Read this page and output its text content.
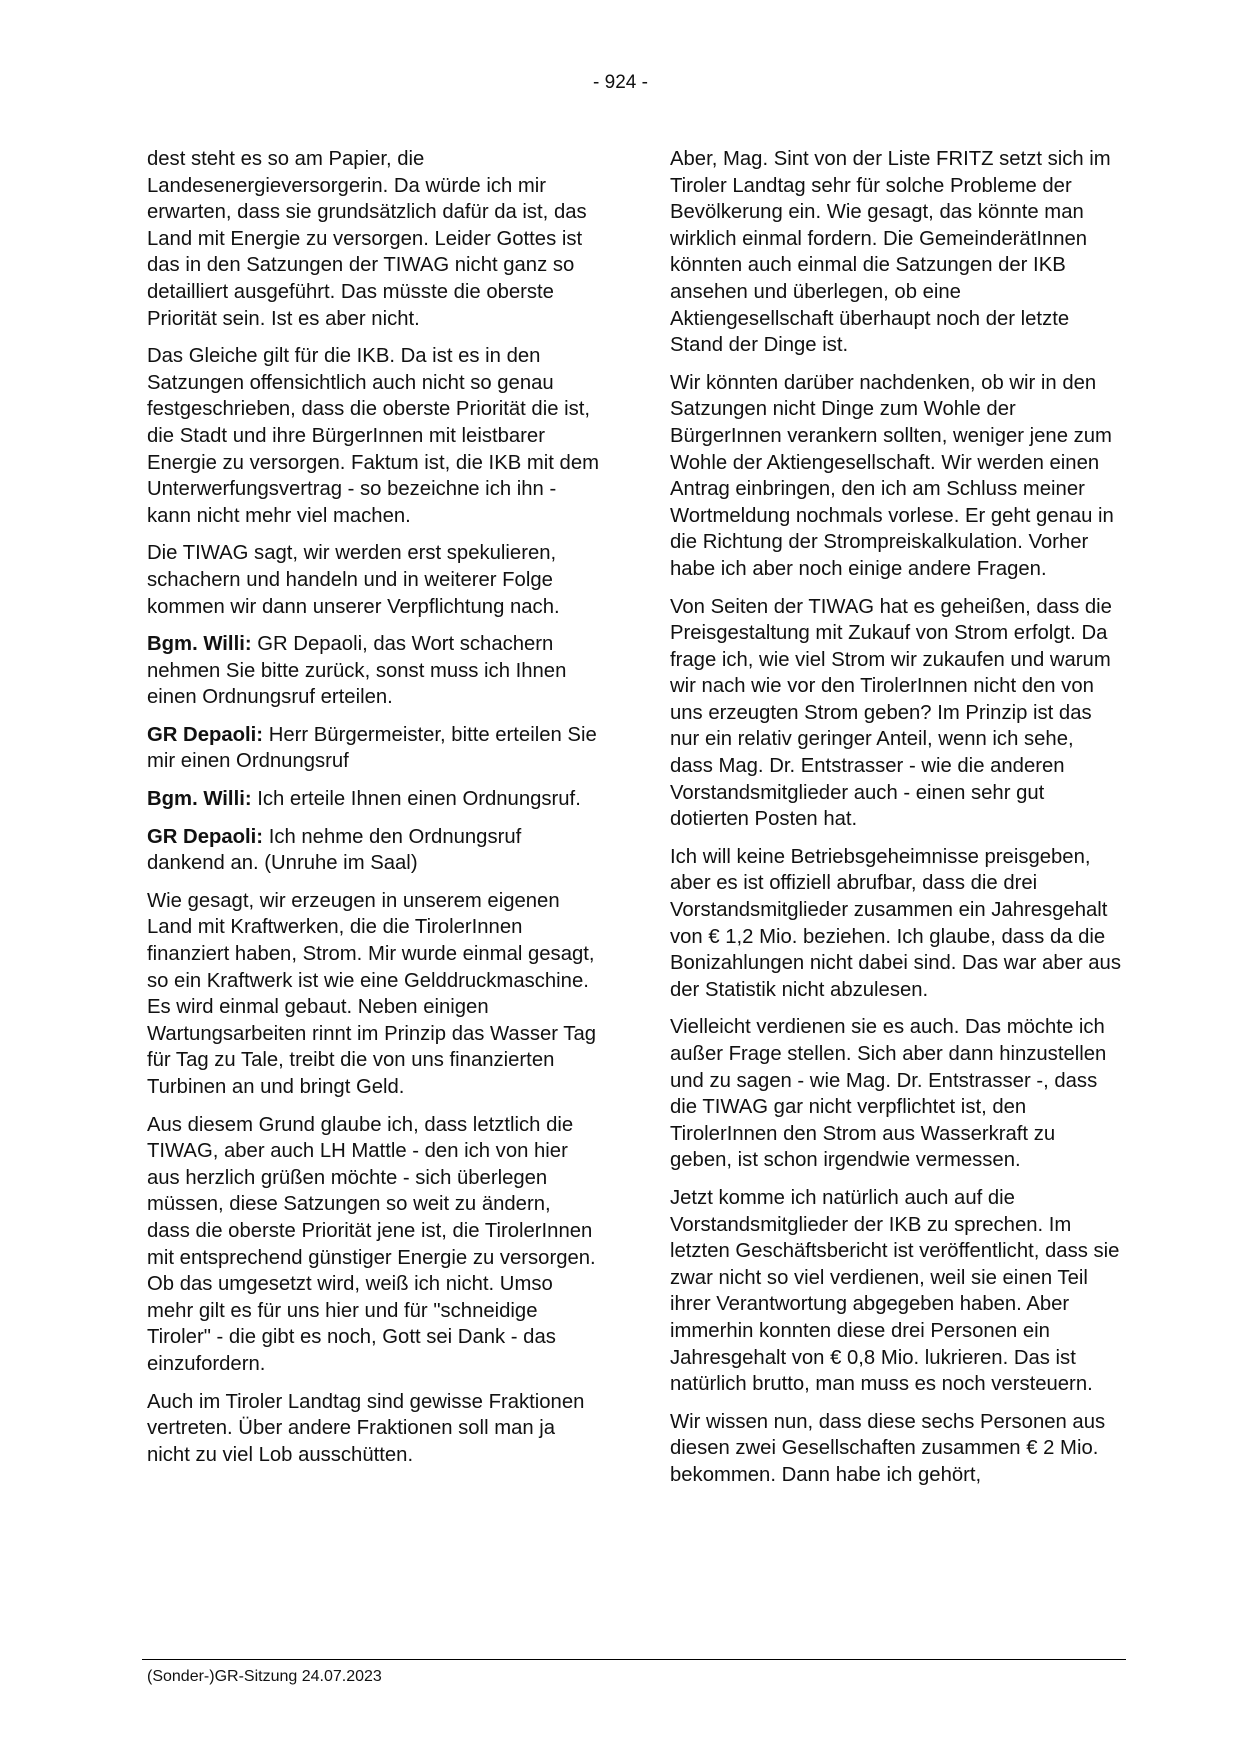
- 924 -

dest steht es so am Papier, die Landesenergieversorgerin. Da würde ich mir erwarten, dass sie grundsätzlich dafür da ist, das Land mit Energie zu versorgen. Leider Gottes ist das in den Satzungen der TIWAG nicht ganz so detailliert ausgeführt. Das müsste die oberste Priorität sein. Ist es aber nicht.

Das Gleiche gilt für die IKB. Da ist es in den Satzungen offensichtlich auch nicht so genau festgeschrieben, dass die oberste Priorität die ist, die Stadt und ihre BürgerInnen mit leistbarer Energie zu versorgen. Faktum ist, die IKB mit dem Unterwerfungsvertrag - so bezeichne ich ihn - kann nicht mehr viel machen.

Die TIWAG sagt, wir werden erst spekulieren, schachern und handeln und in weiterer Folge kommen wir dann unserer Verpflichtung nach.

Bgm. Willi: GR Depaoli, das Wort schachern nehmen Sie bitte zurück, sonst muss ich Ihnen einen Ordnungsruf erteilen.

GR Depaoli: Herr Bürgermeister, bitte erteilen Sie mir einen Ordnungsruf

Bgm. Willi: Ich erteile Ihnen einen Ordnungsruf.

GR Depaoli: Ich nehme den Ordnungsruf dankend an. (Unruhe im Saal)

Wie gesagt, wir erzeugen in unserem eigenen Land mit Kraftwerken, die die TirolerInnen finanziert haben, Strom. Mir wurde einmal gesagt, so ein Kraftwerk ist wie eine Gelddruckmaschine. Es wird einmal gebaut. Neben einigen Wartungsarbeiten rinnt im Prinzip das Wasser Tag für Tag zu Tale, treibt die von uns finanzierten Turbinen an und bringt Geld.

Aus diesem Grund glaube ich, dass letztlich die TIWAG, aber auch LH Mattle - den ich von hier aus herzlich grüßen möchte - sich überlegen müssen, diese Satzungen so weit zu ändern, dass die oberste Priorität jene ist, die TirolerInnen mit entsprechend günstiger Energie zu versorgen. Ob das umgesetzt wird, weiß ich nicht. Umso mehr gilt es für uns hier und für "schneidige Tiroler" - die gibt es noch, Gott sei Dank - das einzufordern.

Auch im Tiroler Landtag sind gewisse Fraktionen vertreten. Über andere Fraktionen soll man ja nicht zu viel Lob ausschütten.

Aber, Mag. Sint von der Liste FRITZ setzt sich im Tiroler Landtag sehr für solche Probleme der Bevölkerung ein. Wie gesagt, das könnte man wirklich einmal fordern. Die GemeinderätInnen könnten auch einmal die Satzungen der IKB ansehen und überlegen, ob eine Aktiengesellschaft überhaupt noch der letzte Stand der Dinge ist.

Wir könnten darüber nachdenken, ob wir in den Satzungen nicht Dinge zum Wohle der BürgerInnen verankern sollten, weniger jene zum Wohle der Aktiengesellschaft. Wir werden einen Antrag einbringen, den ich am Schluss meiner Wortmeldung nochmals vorlese. Er geht genau in die Richtung der Strompreiskalkulation. Vorher habe ich aber noch einige andere Fragen.

Von Seiten der TIWAG hat es geheißen, dass die Preisgestaltung mit Zukauf von Strom erfolgt. Da frage ich, wie viel Strom wir zukaufen und warum wir nach wie vor den TirolerInnen nicht den von uns erzeugten Strom geben? Im Prinzip ist das nur ein relativ geringer Anteil, wenn ich sehe, dass Mag. Dr. Entstrasser - wie die anderen Vorstandsmitglieder auch - einen sehr gut dotierten Posten hat.

Ich will keine Betriebsgeheimnisse preisgeben, aber es ist offiziell abrufbar, dass die drei Vorstandsmitglieder zusammen ein Jahresgehalt von € 1,2 Mio. beziehen. Ich glaube, dass da die Bonizahlungen nicht dabei sind. Das war aber aus der Statistik nicht abzulesen.

Vielleicht verdienen sie es auch. Das möchte ich außer Frage stellen. Sich aber dann hinzustellen und zu sagen - wie Mag. Dr. Entstrasser -, dass die TIWAG gar nicht verpflichtet ist, den TirolerInnen den Strom aus Wasserkraft zu geben, ist schon irgendwie vermessen.

Jetzt komme ich natürlich auch auf die Vorstandsmitglieder der IKB zu sprechen. Im letzten Geschäftsbericht ist veröffentlicht, dass sie zwar nicht so viel verdienen, weil sie einen Teil ihrer Verantwortung abgegeben haben. Aber immerhin konnten diese drei Personen ein Jahresgehalt von € 0,8 Mio. lukrieren. Das ist natürlich brutto, man muss es noch versteuern.

Wir wissen nun, dass diese sechs Personen aus diesen zwei Gesellschaften zusammen € 2 Mio. bekommen. Dann habe ich gehört,

(Sonder-)GR-Sitzung 24.07.2023
